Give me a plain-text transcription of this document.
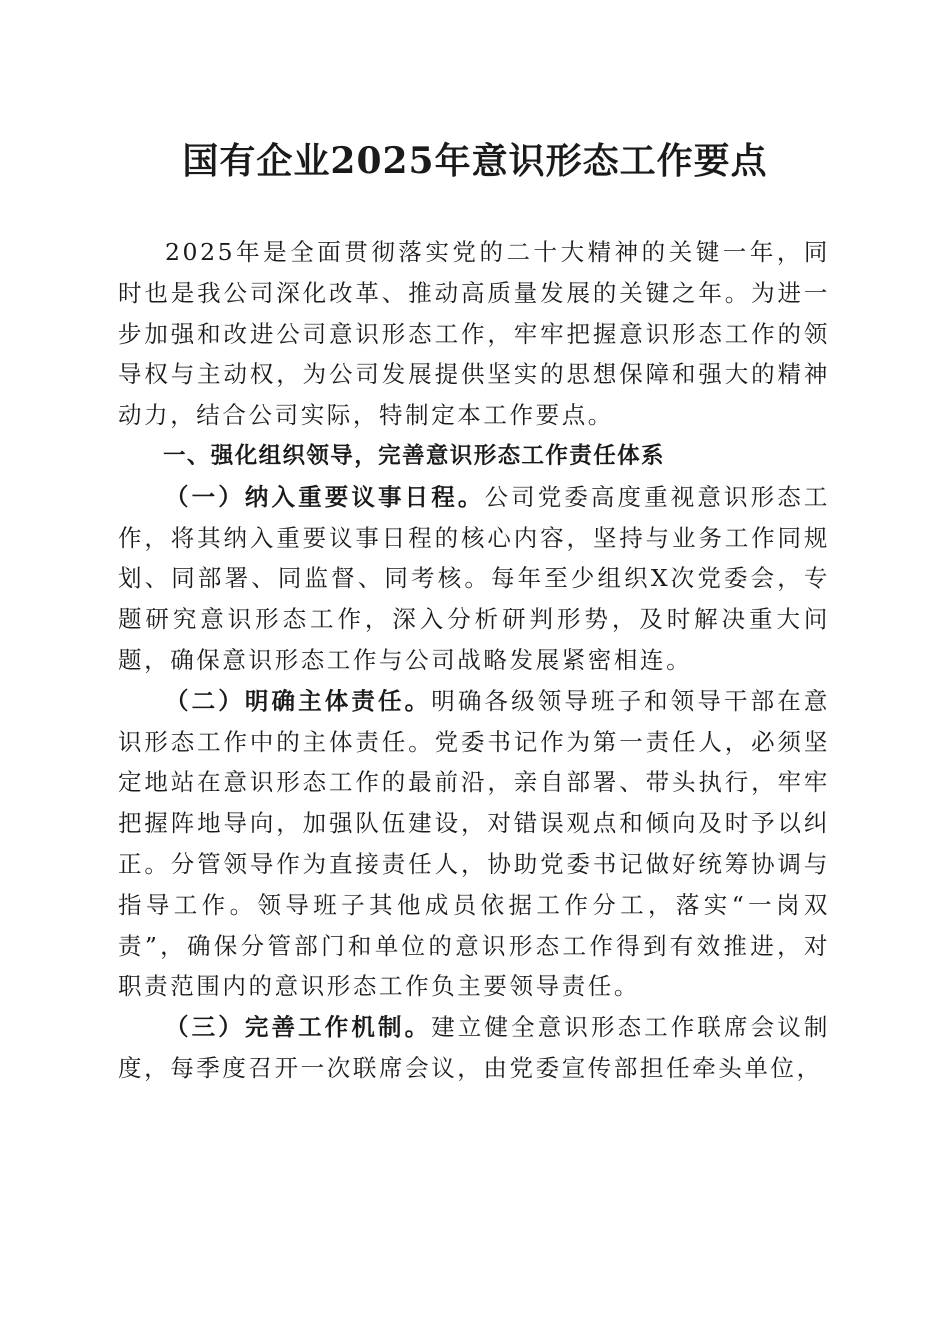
国有企业2025年意识形态工作要点

2025年是全面贯彻落实党的二十大精神的关键一年，同时也是我公司深化改革、推动高质量发展的关键之年。为进一步加强和改进公司意识形态工作，牢牢把握意识形态工作的领导权与主动权，为公司发展提供坚实的思想保障和强大的精神动力，结合公司实际，特制定本工作要点。

一、强化组织领导，完善意识形态工作责任体系

（一）纳入重要议事日程。公司党委高度重视意识形态工作，将其纳入重要议事日程的核心内容，坚持与业务工作同规划、同部署、同监督、同考核。每年至少组织X次党委会，专题研究意识形态工作，深入分析研判形势，及时解决重大问题，确保意识形态工作与公司战略发展紧密相连。

（二）明确主体责任。明确各级领导班子和领导干部在意识形态工作中的主体责任。党委书记作为第一责任人，必须坚定地站在意识形态工作的最前沿，亲自部署、带头执行，牢牢把握阵地导向，加强队伍建设，对错误观点和倾向及时予以纠正。分管领导作为直接责任人，协助党委书记做好统筹协调与指导工作。领导班子其他成员依据工作分工，落实“一岗双责”，确保分管部门和单位的意识形态工作得到有效推进，对职责范围内的意识形态工作负主要领导责任。

（三）完善工作机制。建立健全意识形态工作联席会议制度，每季度召开一次联席会议，由党委宣传部担任牵头单位，
